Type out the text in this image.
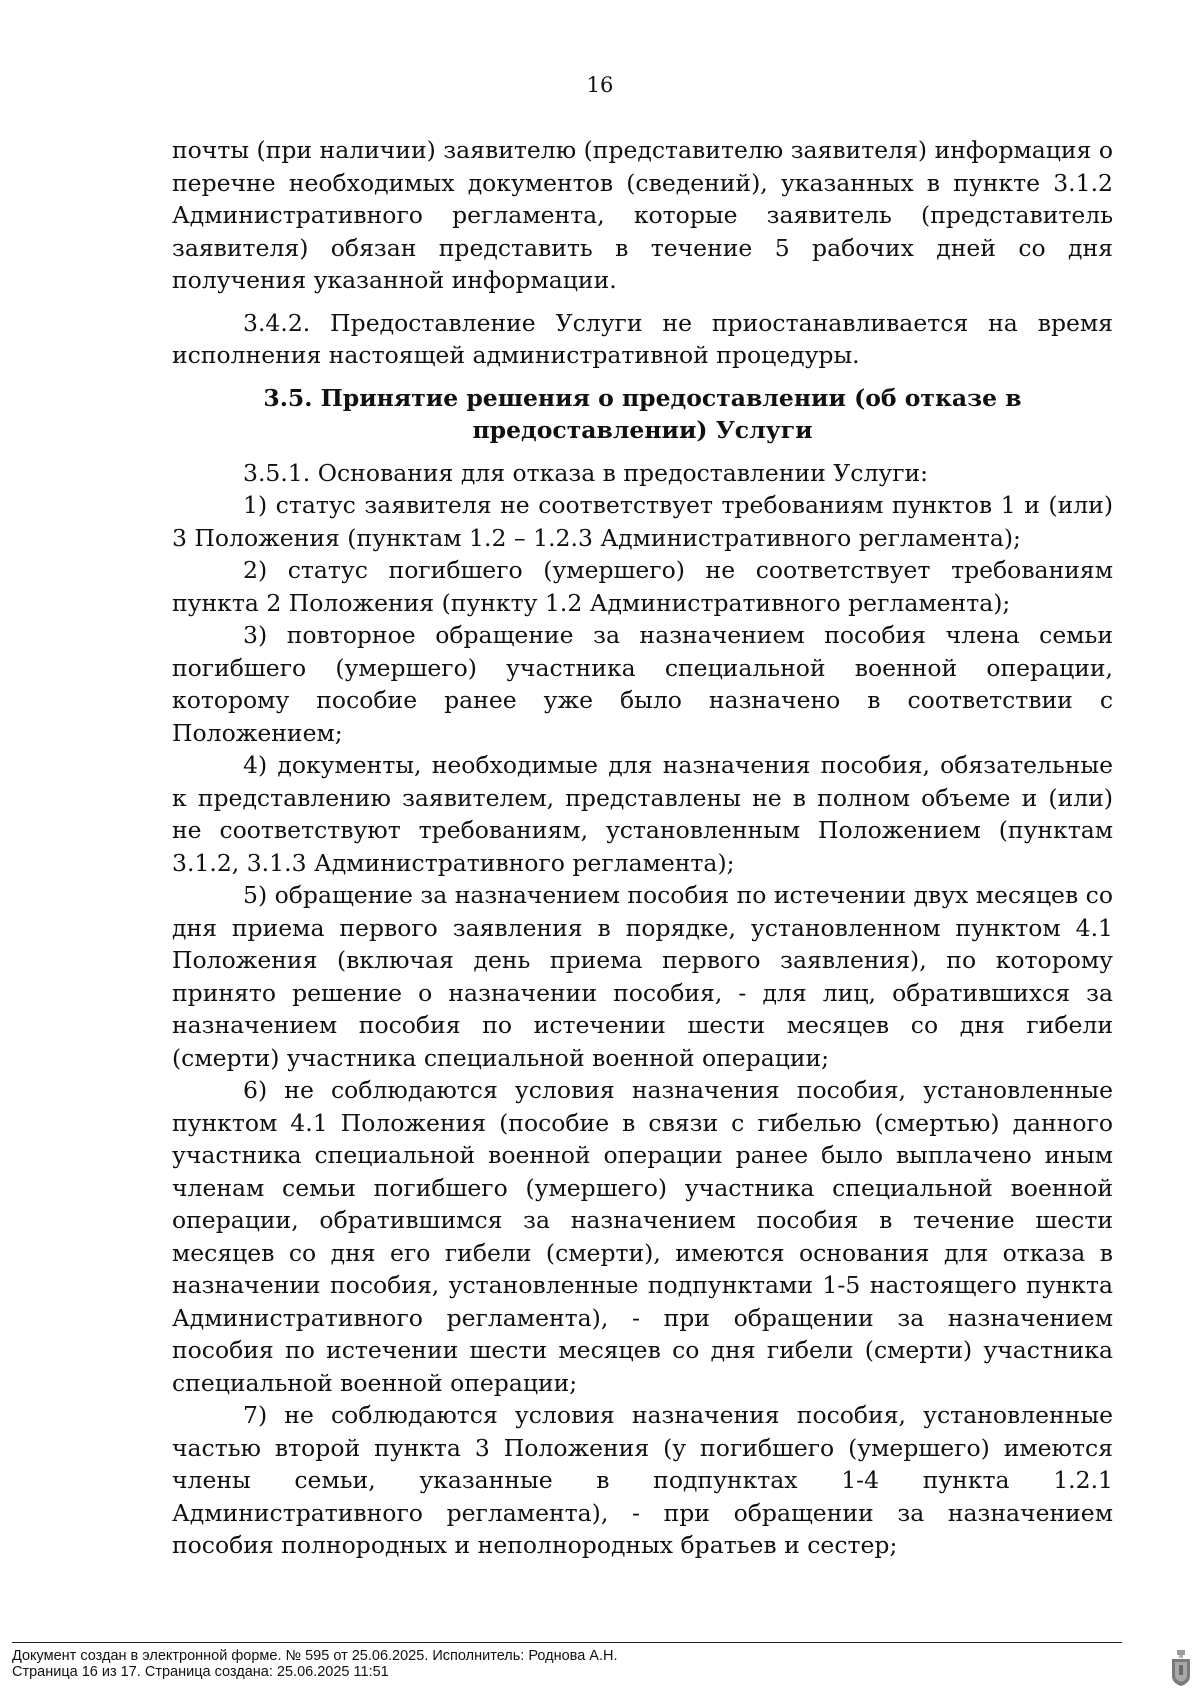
16

почты (при наличии) заявителю (представителю заявителя) информация о перечне необходимых документов (сведений), указанных в пункте 3.1.2 Административного регламента, которые заявитель (представитель заявителя) обязан представить в течение 5 рабочих дней со дня получения указанной информации.

3.4.2. Предоставление Услуги не приостанавливается на время исполнения настоящей административной процедуры.

3.5. Принятие решения о предоставлении (об отказе в предоставлении) Услуги

3.5.1. Основания для отказа в предоставлении Услуги:

1) статус заявителя не соответствует требованиям пунктов 1 и (или) 3 Положения (пунктам 1.2 – 1.2.3 Административного регламента);

2) статус погибшего (умершего) не соответствует требованиям пункта 2 Положения (пункту 1.2 Административного регламента);

3) повторное обращение за назначением пособия члена семьи погибшего (умершего) участника специальной военной операции, которому пособие ранее уже было назначено в соответствии с Положением;

4) документы, необходимые для назначения пособия, обязательные к представлению заявителем, представлены не в полном объеме и (или) не соответствуют требованиям, установленным Положением (пунктам 3.1.2, 3.1.3 Административного регламента);

5) обращение за назначением пособия по истечении двух месяцев со дня приема первого заявления в порядке, установленном пунктом 4.1 Положения (включая день приема первого заявления), по которому принято решение о назначении пособия, - для лиц, обратившихся за назначением пособия по истечении шести месяцев со дня гибели (смерти) участника специальной военной операции;

6) не соблюдаются условия назначения пособия, установленные пунктом 4.1 Положения (пособие в связи с гибелью (смертью) данного участника специальной военной операции ранее было выплачено иным членам семьи погибшего (умершего) участника специальной военной операции, обратившимся за назначением пособия в течение шести месяцев со дня его гибели (смерти), имеются основания для отказа в назначении пособия, установленные подпунктами 1-5 настоящего пункта Административного регламента), - при обращении за назначением пособия по истечении шести месяцев со дня гибели (смерти) участника специальной военной операции;

7) не соблюдаются условия назначения пособия, установленные частью второй пункта 3 Положения (у погибшего (умершего) имеются члены семьи, указанные в подпунктах 1-4 пункта 1.2.1 Административного регламента), - при обращении за назначением пособия полнородных и неполнородных братьев и сестер;

Документ создан в электронной форме. № 595 от 25.06.2025. Исполнитель: Роднова А.Н.
Страница 16 из 17. Страница создана: 25.06.2025 11:51
